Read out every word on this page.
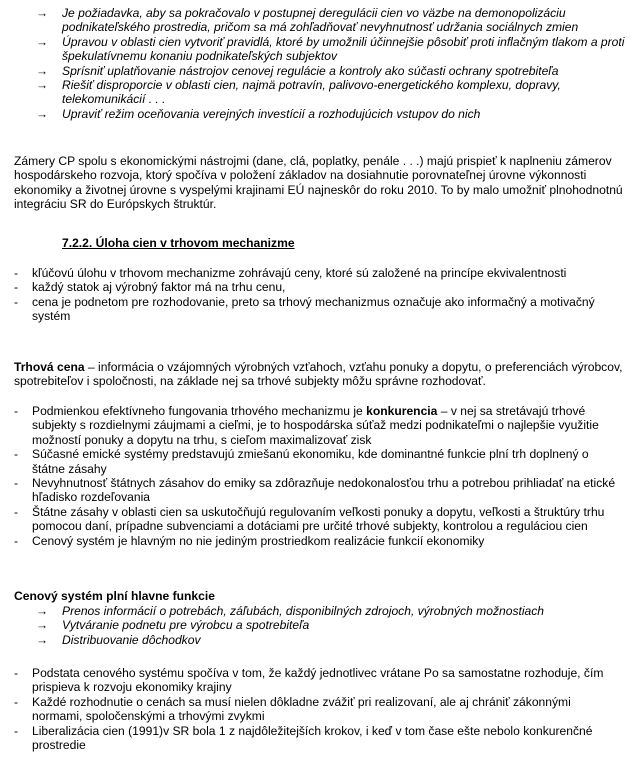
→ Je požiadavka, aby sa pokračovalo v postupnej deregulácii cien vo väzbe na demonopolizáciu podnikateľského prostredia, pričom sa má zohľadňovať nevyhnutnosť udržania sociálnych zmien
→ Úpravou v oblasti cien vytvoriť pravidlá, ktoré by umožnili účinnejšie pôsobiť proti inflačným tlakom a proti špekulatívnemu konaniu podnikateľských subjektov
→ Sprísniť uplatňovanie nástrojov cenovej regulácie a kontroly ako súčasti ochrany spotrebiteľa
→ Riešiť disproporcie v oblasti cien, najmä potravín, palivovo-energetického komplexu, dopravy, telekomunikácií . . .
→ Upraviť režim oceňovania verejných investícií a rozhodujúcich vstupov do nich

Zámery CP spolu s ekonomickými nástrojmi (dane, clá, poplatky, penále . . .) majú prispieť k naplneniu zámerov hospodárskeho rozvoja, ktorý spočíva v položení základov na dosiahnutie porovnateľnej úrovne výkonnosti ekonomiky a životnej úrovne s vyspelými krajinami EÚ najneskôr do roku 2010. To by malo umožniť plnohodnotnú integráciu SR do Európskych štruktúr.

7.2.2. Úloha cien v trhovom mechanizme
- kľúčovú úlohu v trhovom mechanizme zohrávajú ceny, ktoré sú založené na princípe ekvivalentnosti
- každý statok aj výrobný faktor má na trhu cenu,
- cena je podnetom pre rozhodovanie, preto sa trhový mechanizmus označuje ako informačný a motivačný systém

Trhová cena – informácia o vzájomných výrobných vzťahoch, vzťahu ponuky a dopytu, o preferenciách výrobcov, spotrebiteľov i spoločnosti, na základe nej sa trhové subjekty môžu správne rozhodovať.

- Podmienkou efektívneho fungovania trhového mechanizmu je konkurencia – v nej sa stretávajú trhové subjekty s rozdielnymi záujmami a cieľmi, je to hospodárska súťaž medzi podnikateľmi o najlepšie využitie možností ponuky a dopytu na trhu, s cieľom maximalizovať zisk
- Súčasné emické systémy predstavujú zmiešanú ekonomiku, kde dominantné funkcie plní trh doplnený o štátne zásahy
- Nevyhnutnosť štátnych zásahov do emiky sa zdôrazňuje nedokonalosťou trhu a potrebou prihliadať na etické hľadisko rozdeľovania
- Štátne zásahy v oblasti cien sa uskutočňujú regulovaním veľkosti ponuky a dopytu, veľkosti a štruktúry trhu pomocou daní, prípadne subvenciami a dotáciami pre určité trhové subjekty, kontrolou a reguláciou cien
- Cenový systém je hlavným no nie jediným prostriedkom realizácie funkcií ekonomiky
Cenový systém plní hlavne funkcie
→ Prenos informácií o potrebách, záľubách, disponibilných zdrojoch, výrobných možnostiach
→ Vytváranie podnetu pre výrobcu a spotrebiteľa
→ Distribuovanie dôchodkov
- Podstata cenového systému spočíva v tom, že každý jednotlivec vrátane Po sa samostatne rozhoduje, čím prispieva k rozvoju ekonomiky krajiny
- Každé rozhodnutie o cenách sa musí nielen dôkladne zvážiť pri realizovaní, ale aj chrániť zákonnými normami, spoločenskými a trhovými zvykmi
- Liberalizácia cien (1991)v SR bola 1 z najdôležitejších krokov, i keď v tom čase ešte nebolo konkurenčné prostredie
